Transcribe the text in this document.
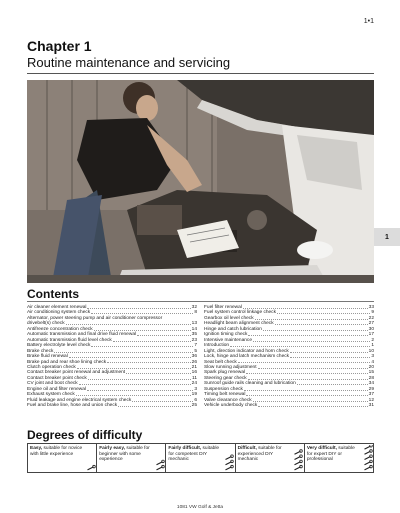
1•1
Chapter 1
Routine maintenance and servicing
1
Contents
Air cleaner element renewal	32
Air conditioning system check	8
Alternator, power steering pump and air conditioner compressor
drivebelt(s) check	13
Antifreeze concentration check	14
Automatic transmission and final drive fluid renewal	35
Automatic transmission fluid level check	23
Battery electrolyte level check	7
Brake check	5
Brake fluid renewal	36
Brake pad and rear shoe lining check	26
Clutch operation check	21
Contact breaker point renewal and adjustment	16
Contact breaker point check	11
CV joint and boot check	24
Engine oil and filter renewal	3
Exhaust system check	19
Fluid leakage and engine electrical system check	6
Fuel and brake line, hose and union check	25
Fuel filter renewal	33
Fuel system control linkage check	9
Gearbox oil level check	22
Headlight beam alignment check	27
Hinge and catch lubrication	30
Ignition timing check	17
Intensive maintenance	2
Introduction	1
Light, direction indicator and horn check	10
Lock, hinge and latch mechanism check	3
Seat belt check	4
Slow running adjustment	20
Spark plug renewal	15
Steering gear check	28
Sunroof guide rails cleaning and lubrication	34
Suspension check	29
Timing belt renewal	37
Valve clearance check	12
Vehicle underbody check	31
Degrees of difficulty
Easy, suitable for novice with little experience
Fairly easy, suitable for beginner with some experience
Fairly difficult, suitable for competent DIY mechanic
Difficult, suitable for experienced DIY mechanic
Very difficult, suitable for expert DIY or professional
1081 VW Golf & Jetta
